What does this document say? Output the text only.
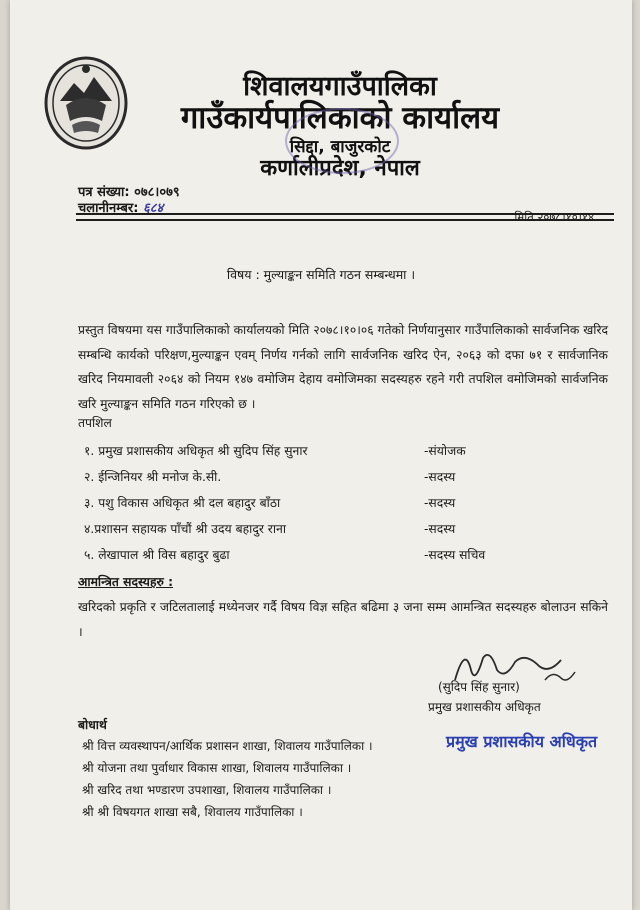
शिवालयगाउँपालिका
गाउँकार्यपालिकाको कार्यालय
सिद्दा, बाजुरकोट
कर्णालीप्रदेश, नेपाल
पत्र संख्या: ०७८।०७९
चलानीनम्बर: ६८४
मिति २०७८।१०।१४
विषय : मुल्याङ्कन समिति गठन सम्बन्धमा ।
प्रस्तुत विषयमा यस गाउँपालिकाको कार्यालयको मिति २०७८।१०।०६ गतेको निर्णयानुसार गाउँपालिकाको सार्वजनिक खरिद सम्बन्धि कार्यको परिक्षण,मुल्याङ्कन एवम् निर्णय गर्नको लागि सार्वजनिक खरिद ऐन, २०६३ को दफा ७१ र सार्वजानिक खरिद नियमावली २०६४ को नियम १४७ वमोजिम देहाय वमोजिमका सदस्यहरु रहने गरी तपशिल वमोजिमको सार्वजनिक खरि मुल्याङ्कन समिति गठन गरिएको छ ।
तपशिल
१. प्रमुख प्रशासकीय अधिकृत श्री सुदिप सिंह सुनार	-संयोजक
२. ईन्जिनियर श्री मनोज के.सी.	-सदस्य
३. पशु विकास अधिकृत श्री दल बहादुर बाँठा	-सदस्य
४.प्रशासन सहायक पाँचौं श्री उदय बहादुर राना	-सदस्य
५. लेखापाल श्री विस बहादुर बुढा	-सदस्य सचिव
आमन्त्रित सदस्यहरु :
खरिदको प्रकृति र जटिलतालाई मध्येनजर गर्दै विषय विज्ञ सहित बढिमा ३ जना सम्म आमन्त्रित सदस्यहरु बोलाउन सकिने ।
(सुदिप सिंह सुनार)
प्रमुख प्रशासकीय अधिकृत
प्रमुख प्रशासकीय अधिकृत
बोधार्थ
श्री वित्त व्यवस्थापन/आर्थिक प्रशासन शाखा, शिवालय गाउँपालिका ।
श्री योजना तथा पुर्वाधार विकास शाखा, शिवालय गाउँपालिका ।
श्री खरिद तथा भण्डारण उपशाखा, शिवालय गाउँपालिका ।
श्री श्री विषयगत शाखा सबै, शिवालय गाउँपालिका ।
